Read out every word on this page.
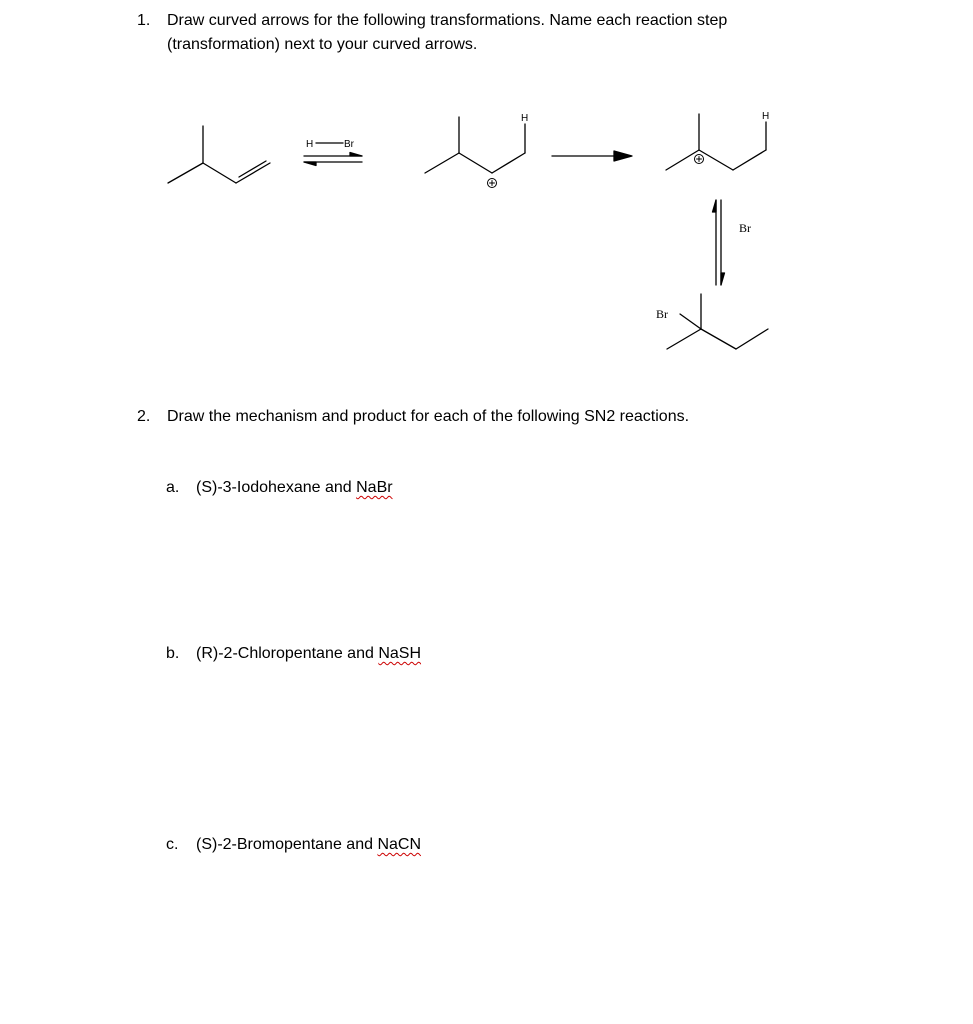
1. Draw curved arrows for the following transformations. Name each reaction step (transformation) next to your curved arrows.
H	Br
H	H
Br
Br
2. Draw the mechanism and product for each of the following SN2 reactions.
a. (S)-3-Iodohexane and NaBr
b. (R)-2-Chloropentane and NaSH
c. (S)-2-Bromopentane and NaCN
